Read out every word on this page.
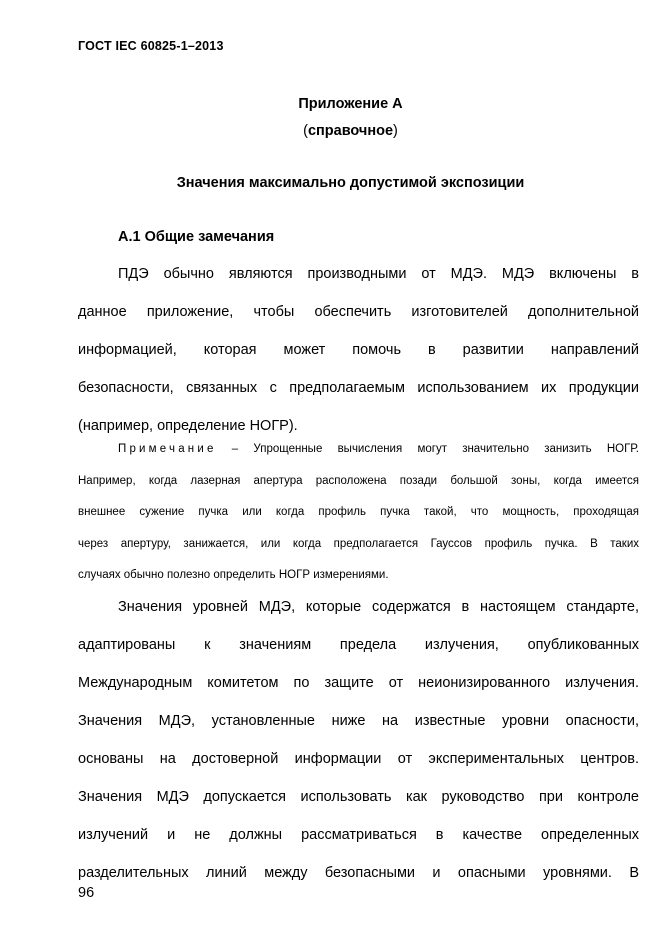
ГОСТ IEC 60825-1–2013
Приложение А
(справочное)
Значения максимально допустимой экспозиции
А.1 Общие замечания
ПДЭ обычно являются производными от МДЭ. МДЭ включены в
данное приложение, чтобы обеспечить изготовителей дополнительной
информацией, которая может помочь в развитии направлений
безопасности, связанных с предполагаемым использованием их продукции
(например, определение НОГР).
Примечание – Упрощенные вычисления могут значительно занизить НОГР.
Например, когда лазерная апертура расположена позади большой зоны, когда имеется
внешнее сужение пучка или когда профиль пучка такой, что мощность, проходящая
через апертуру, занижается, или когда предполагается Гауссов профиль пучка. В таких
случаях обычно полезно определить НОГР измерениями.
Значения уровней МДЭ, которые содержатся в настоящем стандарте,
адаптированы к значениям предела излучения, опубликованных
Международным комитетом по защите от неионизированного излучения.
Значения МДЭ, установленные ниже на известные уровни опасности,
основаны на достоверной информации от экспериментальных центров.
Значения МДЭ допускается использовать как руководство при контроле
излучений и не должны рассматриваться в качестве определенных
разделительных линий между безопасными и опасными уровнями. В
96
